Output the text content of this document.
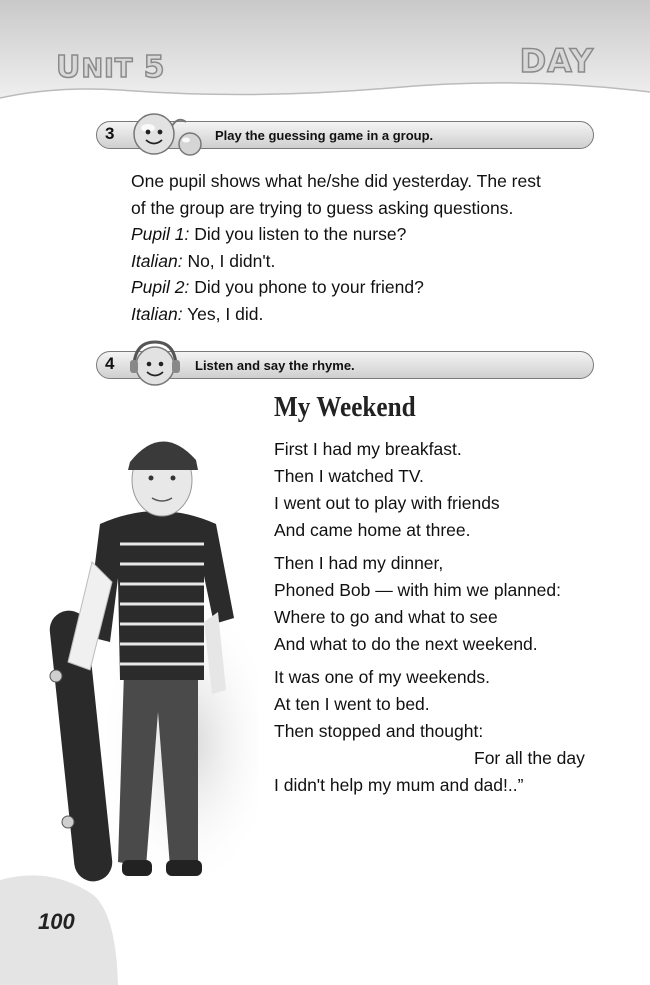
UNIT 5	DAY
3	Play the guessing game in a group.

One pupil shows what he/she did yesterday. The rest

of the group are trying to guess asking questions.

Pupil 1: Did you listen to the nurse?

Italian: No, I didn't.

Pupil 2: Did you phone to your friend?

Italian: Yes, I did.

4	Listen and say the rhyme.
My Weekend
First I had my breakfast.
Then I watched TV.
I went out to play with friends
And came home at three.
Then I had my dinner,
Phoned Bob — with him we planned:
Where to go and what to see
And what to do the next weekend.
It was one of my weekends.
At ten I went to bed.
Then stopped and thought:
For all the day
I didn't help my mum and dad!..”
100
